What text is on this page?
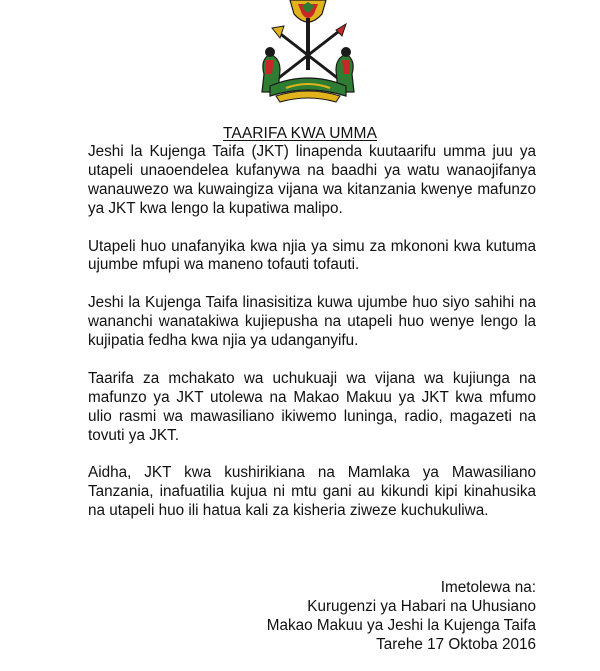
TAARIFA KWA UMMA

Jeshi la Kujenga Taifa (JKT) linapenda kuutaarifu umma juu ya utapeli unaoendelea kufanywa na baadhi ya watu wanaojifanya wanauwezo wa kuwaingiza vijana wa kitanzania kwenye mafunzo ya JKT kwa lengo la kupatiwa malipo.

Utapeli huo unafanyika kwa njia ya simu za mkononi kwa kutuma ujumbe mfupi wa maneno tofauti tofauti.

Jeshi la Kujenga Taifa linasisitiza kuwa ujumbe huo siyo sahihi na wananchi wanatakiwa kujiepusha na utapeli huo wenye lengo la kujipatia fedha kwa njia ya udanganyifu.

Taarifa za mchakato wa uchukuaji wa vijana wa kujiunga na mafunzo ya JKT utolewa na Makao Makuu ya JKT kwa mfumo ulio rasmi wa mawasiliano ikiwemo luninga, radio, magazeti na tovuti ya JKT.

Aidha, JKT kwa kushirikiana na Mamlaka ya Mawasiliano Tanzania, inafuatilia kujua ni mtu gani au kikundi kipi kinahusika na utapeli huo ili hatua kali za kisheria ziweze kuchukuliwa.

Imetolewa na:
Kurugenzi ya Habari na Uhusiano
Makao Makuu ya Jeshi la Kujenga Taifa
Tarehe 17 Oktoba 2016
